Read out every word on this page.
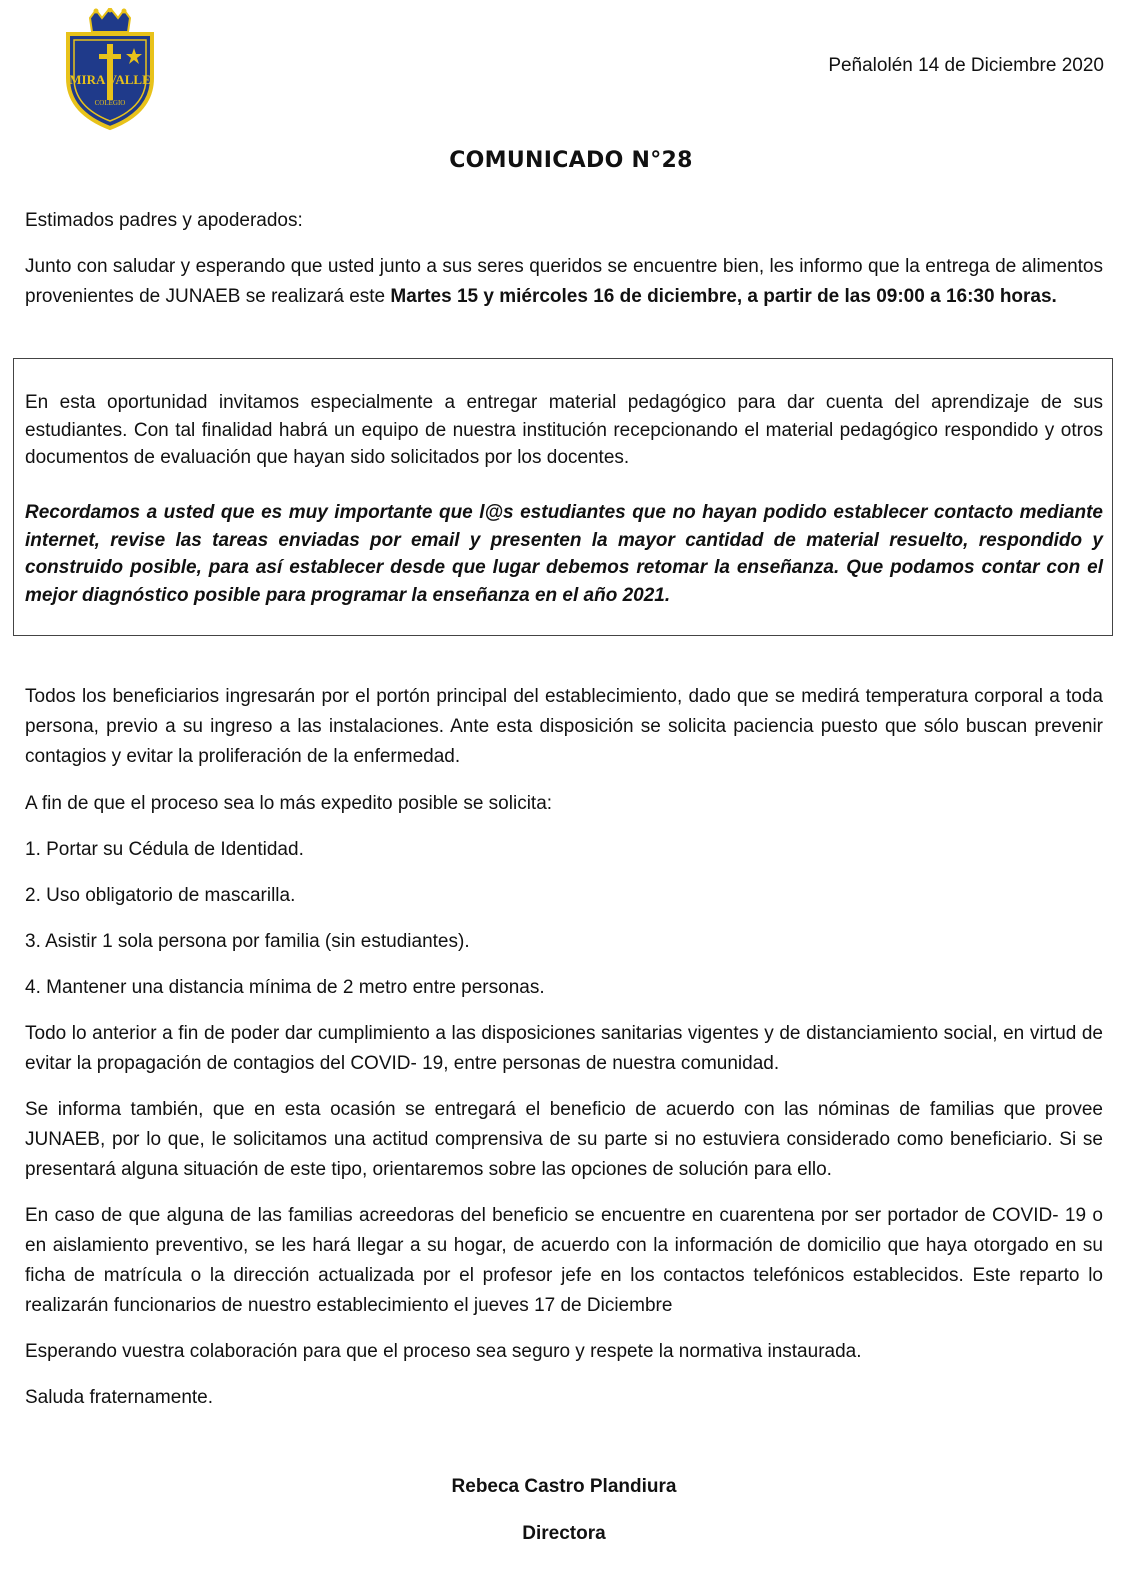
MIRA VALLE
COLEGIO
Peñalolén 14 de Diciembre 2020
COMUNICADO N°28
Estimados padres y apoderados:
Junto con saludar y esperando que usted junto a sus seres queridos se encuentre bien, les informo que la entrega de alimentos provenientes de JUNAEB se realizará este Martes 15 y miércoles 16 de diciembre, a partir de las 09:00 a 16:30 horas.
En esta oportunidad invitamos especialmente a entregar material pedagógico para dar cuenta del aprendizaje de sus estudiantes. Con tal finalidad habrá un equipo de nuestra institución recepcionando el material pedagógico respondido y otros documentos de evaluación que hayan sido solicitados por los docentes.
Recordamos a usted que es muy importante que l@s estudiantes que no hayan podido establecer contacto mediante internet, revise las tareas enviadas por email y presenten la mayor cantidad de material resuelto, respondido y construido posible, para así establecer desde que lugar debemos retomar la enseñanza. Que podamos contar con el mejor diagnóstico posible para programar la enseñanza en el año 2021.
Todos los beneficiarios ingresarán por el portón principal del establecimiento, dado que se medirá temperatura corporal a toda persona, previo a su ingreso a las instalaciones. Ante esta disposición se solicita paciencia puesto que sólo buscan prevenir contagios y evitar la proliferación de la enfermedad.
A fin de que el proceso sea lo más expedito posible se solicita:
1. Portar su Cédula de Identidad.
2. Uso obligatorio de mascarilla.
3. Asistir 1 sola persona por familia (sin estudiantes).
4. Mantener una distancia mínima de 2 metro entre personas.
Todo lo anterior a fin de poder dar cumplimiento a las disposiciones sanitarias vigentes y de distanciamiento social, en virtud de evitar la propagación de contagios del COVID- 19, entre personas de nuestra comunidad.
Se informa también, que en esta ocasión se entregará el beneficio de acuerdo con las nóminas de familias que provee JUNAEB, por lo que, le solicitamos una actitud comprensiva de su parte si no estuviera considerado como beneficiario. Si se presentará alguna situación de este tipo, orientaremos sobre las opciones de solución para ello.
En caso de que alguna de las familias acreedoras del beneficio se encuentre en cuarentena por ser portador de COVID- 19 o en aislamiento preventivo, se les hará llegar a su hogar, de acuerdo con la información de domicilio que haya otorgado en su ficha de matrícula o la dirección actualizada por el profesor jefe en los contactos telefónicos establecidos. Este reparto lo realizarán funcionarios de nuestro establecimiento el jueves 17 de Diciembre
Esperando vuestra colaboración para que el proceso sea seguro y respete la normativa instaurada.
Saluda fraternamente.
Rebeca Castro Plandiura
Directora
